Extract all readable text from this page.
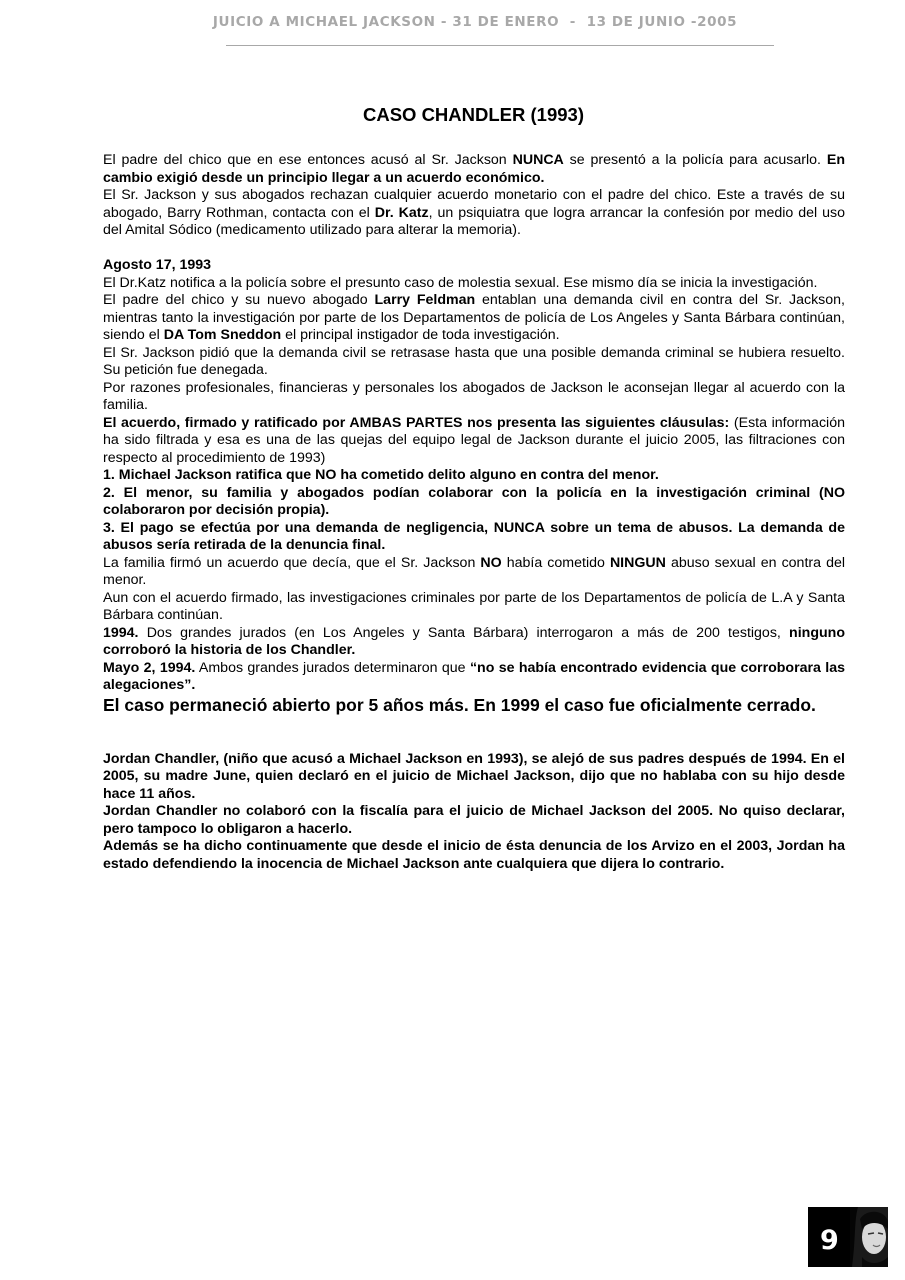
JUICIO A MICHAEL JACKSON - 31 DE ENERO  -  13 DE JUNIO -2005
CASO CHANDLER (1993)

El padre del chico que en ese entonces acusó al Sr. Jackson NUNCA se presentó a la policía para acusarlo. En cambio exigió desde un principio llegar a un acuerdo económico.

El Sr. Jackson y sus abogados rechazan cualquier acuerdo monetario con el padre del chico. Este a través de su abogado, Barry Rothman, contacta con el Dr. Katz, un psiquiatra que logra arrancar la confesión por medio del uso del Amital Sódico (medicamento utilizado para alterar la memoria).

Agosto 17, 1993

El Dr.Katz notifica a la policía sobre el presunto caso de molestia sexual. Ese mismo día se inicia la investigación.

El padre del chico y su nuevo abogado Larry Feldman entablan una demanda civil en contra del Sr. Jackson, mientras tanto la investigación por parte de los Departamentos de policía de Los Angeles y Santa Bárbara continúan, siendo el DA Tom Sneddon el principal instigador de toda investigación.

El Sr. Jackson pidió que la demanda civil se retrasase hasta que una posible demanda criminal se hubiera resuelto. Su petición fue denegada.

Por razones profesionales, financieras y personales los abogados de Jackson le aconsejan llegar al acuerdo con la familia.

El acuerdo, firmado y ratificado por AMBAS PARTES nos presenta las siguientes cláusulas: (Esta información ha sido filtrada y esa es una de las quejas del equipo legal de Jackson durante el juicio 2005, las filtraciones con respecto al procedimiento de 1993)

1. Michael Jackson ratifica que NO ha cometido delito alguno en contra del menor.

2. El menor, su familia y abogados podían colaborar con la policía en la investigación criminal (NO colaboraron por decisión propia).

3. El pago se efectúa por una demanda de negligencia, NUNCA sobre un tema de abusos. La demanda de abusos sería retirada de la denuncia final.

La familia firmó un acuerdo que decía, que el Sr. Jackson NO había cometido NINGUN abuso sexual en contra del menor.

Aun con el acuerdo firmado, las investigaciones criminales por parte de los Departamentos de policía de L.A y Santa Bárbara continúan.

1994. Dos grandes jurados (en Los Angeles y Santa Bárbara) interrogaron a más de 200 testigos, ninguno corroboró la historia de los Chandler.

Mayo 2, 1994. Ambos grandes jurados determinaron que “no se había encontrado evidencia que corroborara las alegaciones”.

El caso permaneció abierto por 5 años más. En 1999 el caso fue oficialmente cerrado.

Jordan Chandler, (niño que acusó a Michael Jackson en 1993), se alejó de sus padres después de 1994. En el 2005, su madre June, quien declaró en el juicio de Michael Jackson, dijo que no hablaba con su hijo desde hace 11 años.

Jordan Chandler no colaboró con la fiscalía para el juicio de Michael Jackson del 2005. No quiso declarar, pero tampoco lo obligaron a hacerlo.

Además se ha dicho continuamente que desde el inicio de ésta denuncia de los Arvizo en el 2003, Jordan ha estado defendiendo la inocencia de Michael Jackson ante cualquiera que dijera lo contrario.

9
